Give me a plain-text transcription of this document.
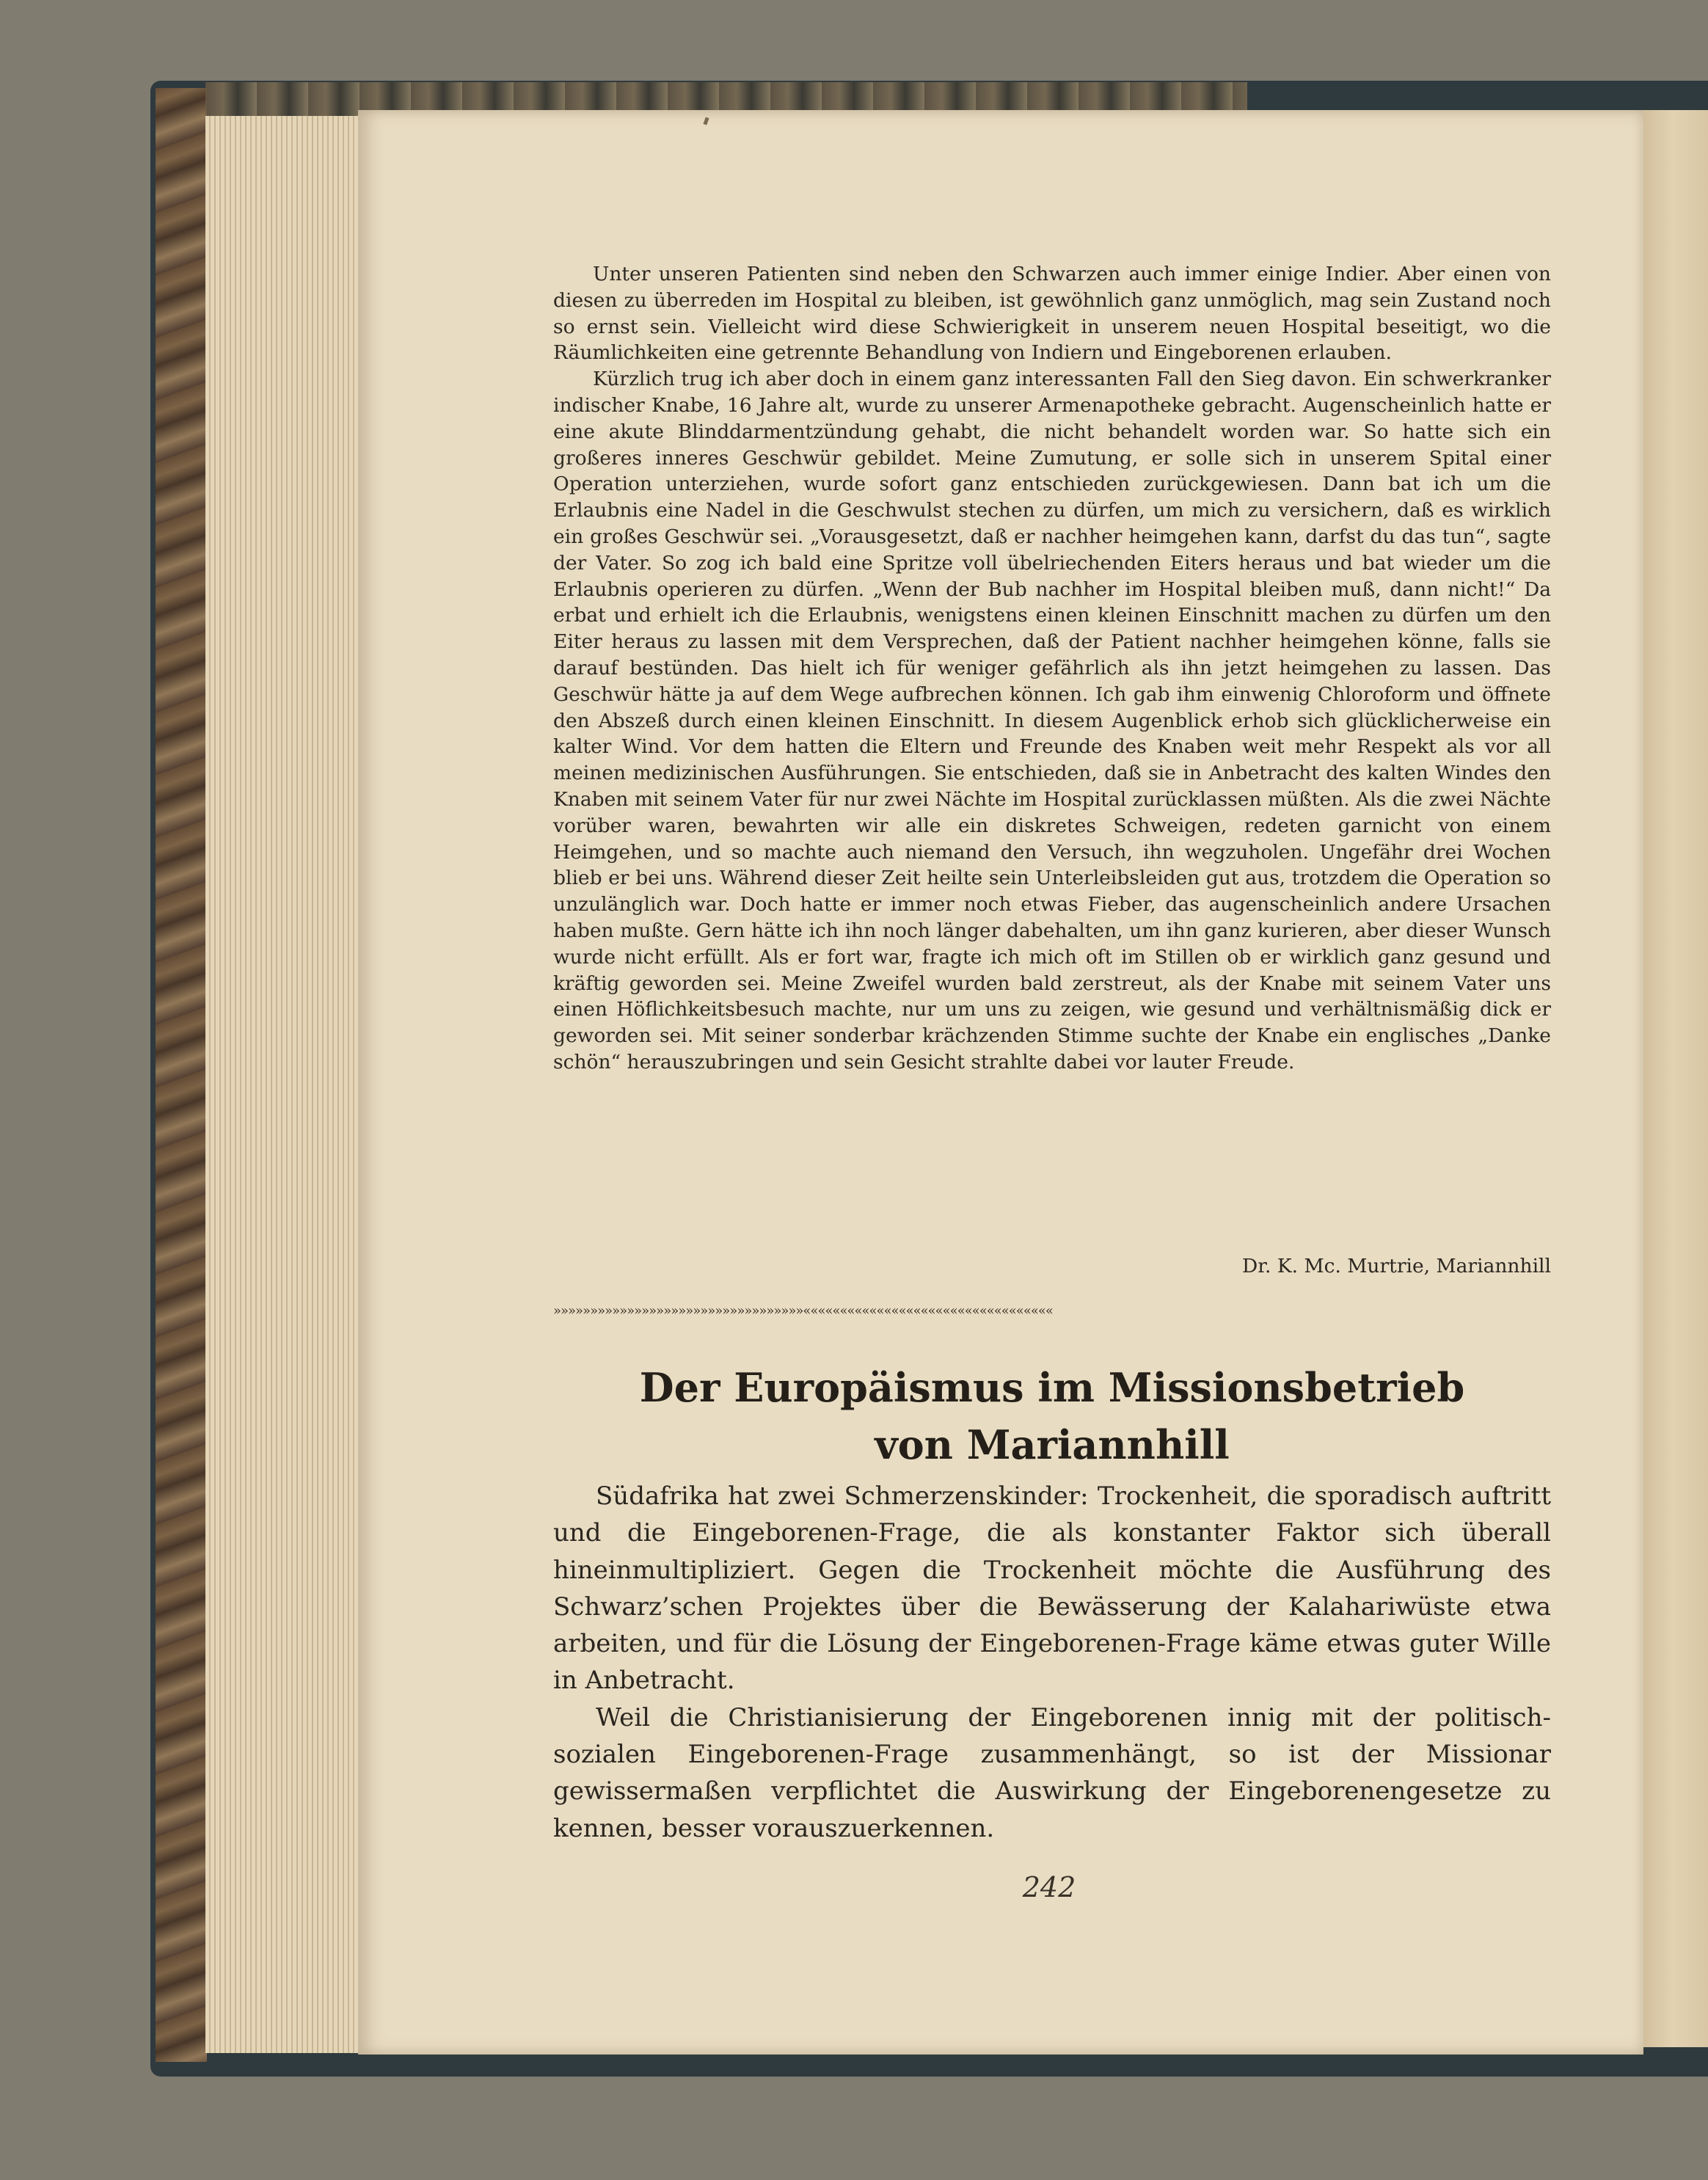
Unter unseren Patienten sind neben den Schwarzen auch immer einige Indier. Aber einen von diesen zu überreden im Hospital zu bleiben, ist gewöhnlich ganz unmöglich, mag sein Zustand noch so ernst sein. Vielleicht wird diese Schwierigkeit in unserem neuen Hospital beseitigt, wo die Räumlichkeiten eine getrennte Behandlung von Indiern und Eingeborenen erlauben.

Kürzlich trug ich aber doch in einem ganz interessanten Fall den Sieg davon. Ein schwerkranker indischer Knabe, 16 Jahre alt, wurde zu unserer Armenapotheke gebracht. Augenscheinlich hatte er eine akute Blinddarmentzündung gehabt, die nicht behandelt worden war. So hatte sich ein großeres inneres Geschwür gebildet. Meine Zumutung, er solle sich in unserem Spital einer Operation unterziehen, wurde sofort ganz entschieden zurückgewiesen. Dann bat ich um die Erlaubnis eine Nadel in die Geschwulst stechen zu dürfen, um mich zu versichern, daß es wirklich ein großes Geschwür sei. „Vorausgesetzt, daß er nachher heimgehen kann, darfst du das tun“, sagte der Vater. So zog ich bald eine Spritze voll übelriechenden Eiters heraus und bat wieder um die Erlaubnis operieren zu dürfen. „Wenn der Bub nachher im Hospital bleiben muß, dann nicht!“ Da erbat und erhielt ich die Erlaubnis, wenigstens einen kleinen Einschnitt machen zu dürfen um den Eiter heraus zu lassen mit dem Versprechen, daß der Patient nachher heimgehen könne, falls sie darauf bestünden. Das hielt ich für weniger gefährlich als ihn jetzt heimgehen zu lassen. Das Geschwür hätte ja auf dem Wege aufbrechen können. Ich gab ihm einwenig Chloroform und öffnete den Abszeß durch einen kleinen Einschnitt. In diesem Augenblick erhob sich glücklicherweise ein kalter Wind. Vor dem hatten die Eltern und Freunde des Knaben weit mehr Respekt als vor all meinen medizinischen Ausführungen. Sie entschieden, daß sie in Anbetracht des kalten Windes den Knaben mit seinem Vater für nur zwei Nächte im Hospital zurücklassen müßten. Als die zwei Nächte vorüber waren, bewahrten wir alle ein diskretes Schweigen, redeten garnicht von einem Heimgehen, und so machte auch niemand den Versuch, ihn wegzuholen. Ungefähr drei Wochen blieb er bei uns. Während dieser Zeit heilte sein Unterleibsleiden gut aus, trotzdem die Operation so unzulänglich war. Doch hatte er immer noch etwas Fieber, das augenscheinlich andere Ursachen haben mußte. Gern hätte ich ihn noch länger dabehalten, um ihn ganz kurieren, aber dieser Wunsch wurde nicht erfüllt. Als er fort war, fragte ich mich oft im Stillen ob er wirklich ganz gesund und kräftig geworden sei. Meine Zweifel wurden bald zerstreut, als der Knabe mit seinem Vater uns einen Höflichkeitsbesuch machte, nur um uns zu zeigen, wie gesund und verhältnismäßig dick er geworden sei. Mit seiner sonderbar krächzenden Stimme suchte der Knabe ein englisches „Danke schön“ herauszubringen und sein Gesicht strahlte dabei vor lauter Freude.

Dr. K. Mc. Murtrie, Mariannhill
»»»»»»»»»»»»»»»»»»»»»»»»»»»»»»»»»»««««««««««««««««««««««««««««««««««
Der Europäismus im Missionsbetrieb
von Mariannhill

Südafrika hat zwei Schmerzenskinder: Trockenheit, die sporadisch auftritt und die Eingeborenen-Frage, die als konstanter Faktor sich überall hineinmultipliziert. Gegen die Trockenheit möchte die Ausführung des Schwarz’schen Projektes über die Bewässerung der Kalahariwüste etwa arbeiten, und für die Lösung der Eingeborenen-Frage käme etwas guter Wille in Anbetracht.

Weil die Christianisierung der Eingeborenen innig mit der politisch-sozialen Eingeborenen-Frage zusammenhängt, so ist der Missionar gewissermaßen verpflichtet die Auswirkung der Eingeborenengesetze zu kennen, besser vorauszuerkennen.

242
